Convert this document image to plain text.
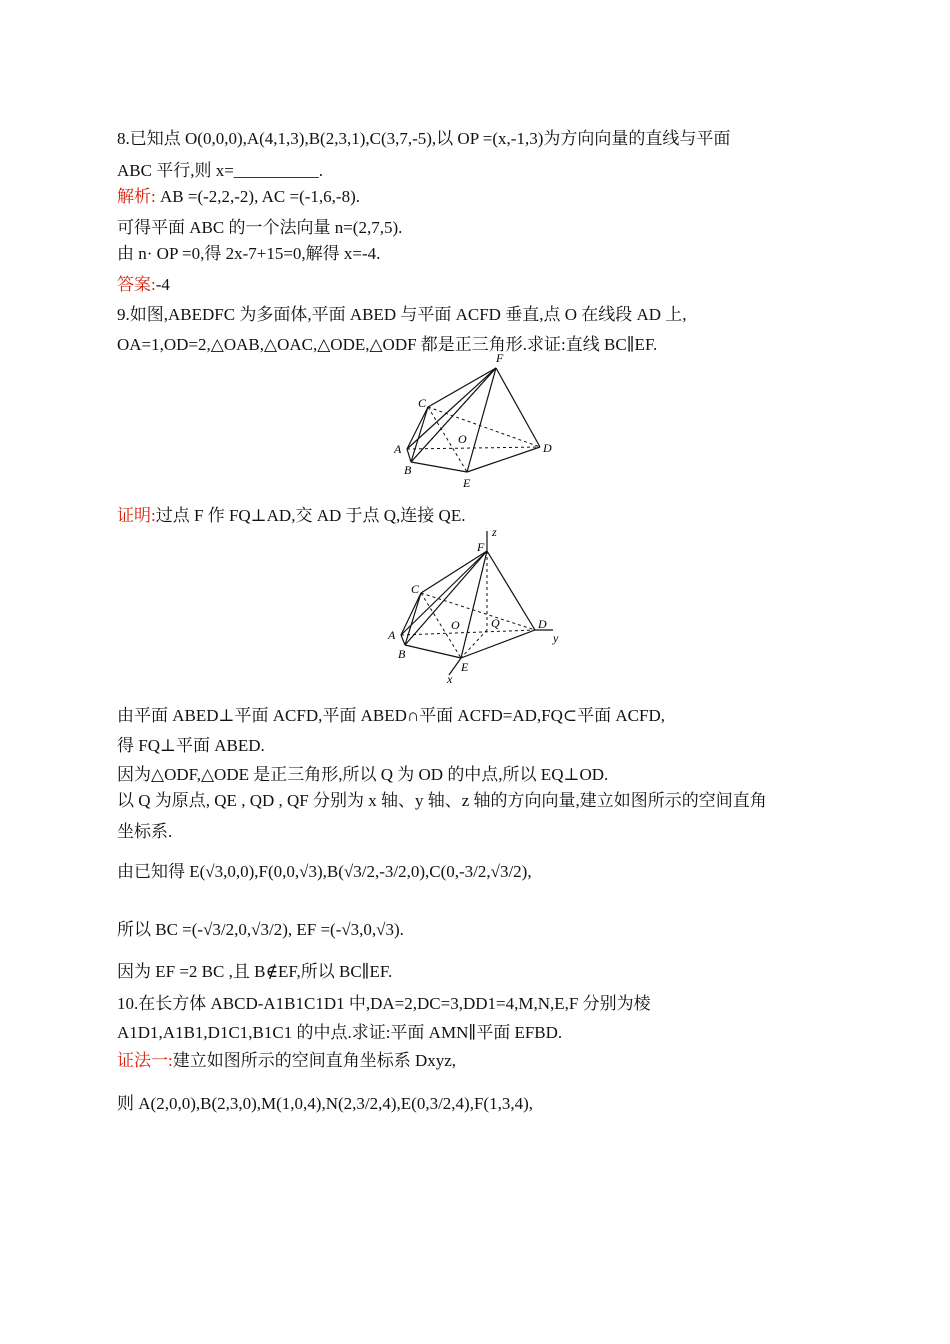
8.已知点 O(0,0,0),A(4,1,3),B(2,3,1),C(3,7,-5),以 OP =(x,-1,3)为方向向量的直线与平面
ABC 平行,则 x=__________.
解析: AB =(-2,2,-2), AC =(-1,6,-8).
可得平面 ABC 的一个法向量 n=(2,7,5).
由 n· OP =0,得 2x-7+15=0,解得 x=-4.
答案:-4
9.如图,ABEDFC 为多面体,平面 ABED 与平面 ACFD 垂直,点 O 在线段 AD 上,
OA=1,OD=2,△OAB,△OAC,△ODE,△ODF 都是正三角形.求证:直线 BC∥EF.
A
B
C
D
E
F
O
证明:过点 F 作 FQ⊥AD,交 AD 于点 Q,连接 QE.
A
B
C
D
E
F
O	Q
x
y
z
由平面 ABED⊥平面 ACFD,平面 ABED∩平面 ACFD=AD,FQ⊂平面 ACFD,
得 FQ⊥平面 ABED.
因为△ODF,△ODE 是正三角形,所以 Q 为 OD 的中点,所以 EQ⊥OD.
以 Q 为原点, QE , QD , QF 分别为 x 轴、y 轴、z 轴的方向向量,建立如图所示的空间直角
坐标系.
由已知得 E(√3,0,0),F(0,0,√3),B(√3/2,-3/2,0),C(0,-3/2,√3/2),
所以 BC =(-√3/2,0,√3/2), EF =(-√3,0,√3).
因为 EF =2 BC ,且 B∉EF,所以 BC∥EF.
10.在长方体 ABCD-A1B1C1D1 中,DA=2,DC=3,DD1=4,M,N,E,F 分别为棱
A1D1,A1B1,D1C1,B1C1 的中点.求证:平面 AMN∥平面 EFBD.
证法一:建立如图所示的空间直角坐标系 Dxyz,
则 A(2,0,0),B(2,3,0),M(1,0,4),N(2,3/2,4),E(0,3/2,4),F(1,3,4),
